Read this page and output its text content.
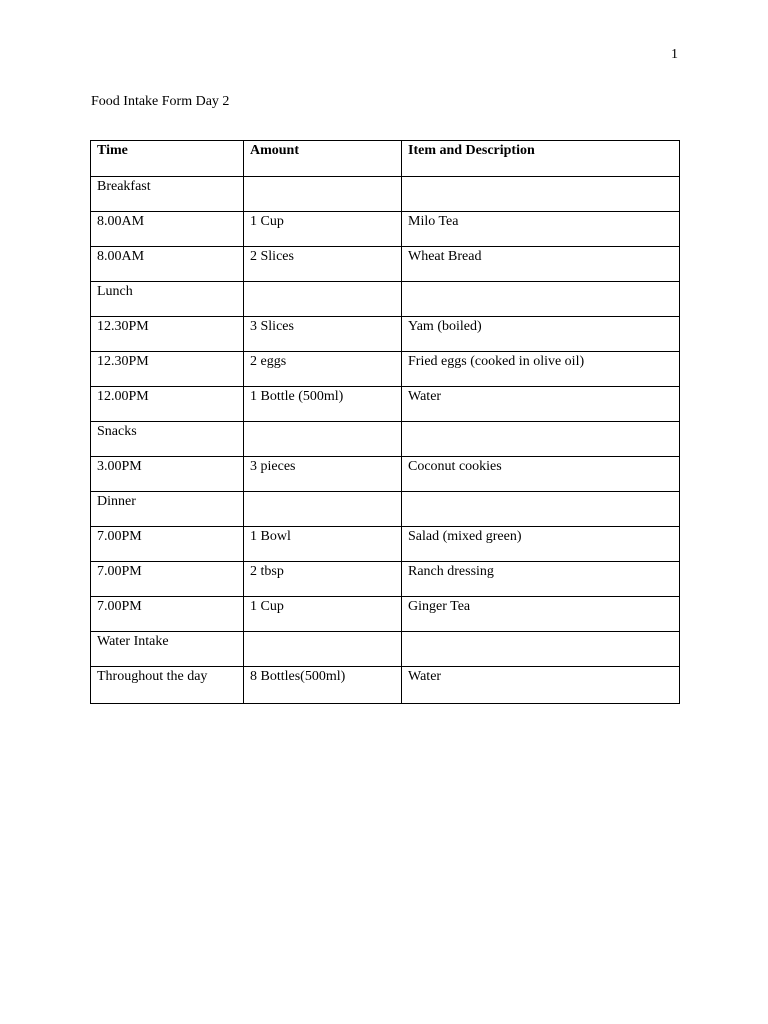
1
Food Intake Form Day 2
Time	Amount	Item and Description
Breakfast		
8.00AM	1 Cup	Milo Tea
8.00AM	2 Slices	Wheat Bread
Lunch		
12.30PM	3 Slices	Yam (boiled)
12.30PM	2 eggs	Fried eggs (cooked in olive oil)
12.00PM	1 Bottle (500ml)	Water
Snacks		
3.00PM	3 pieces	Coconut cookies
Dinner		
7.00PM	1 Bowl	Salad (mixed green)
7.00PM	2 tbsp	Ranch dressing
7.00PM	1 Cup	Ginger Tea
Water Intake		
Throughout the day	8 Bottles(500ml)	Water
